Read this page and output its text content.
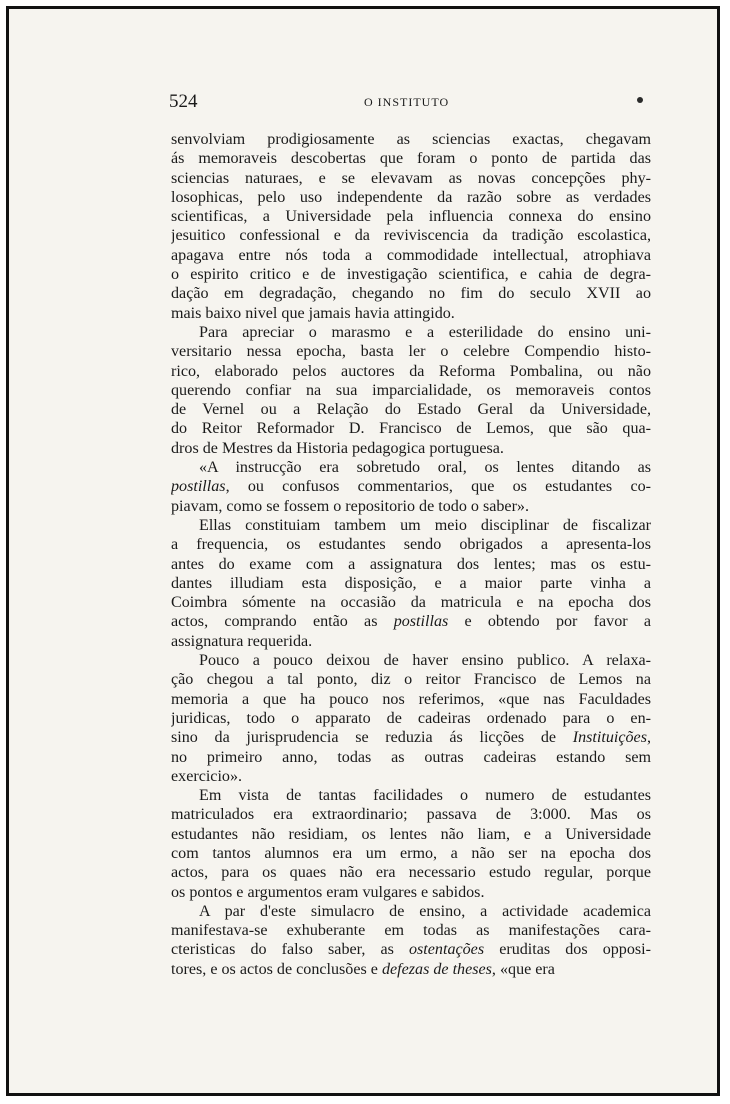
524	O INSTITUTO
senvolviam prodigiosamente as sciencias exactas, chegavam
ás memoraveis descobertas que foram o ponto de partida das
sciencias naturaes, e se elevavam as novas concepções phy-
losophicas, pelo uso independente da razão sobre as verdades
scientificas, a Universidade pela influencia connexa do ensino
jesuitico confessional e da reviviscencia da tradição escolastica,
apagava entre nós toda a commodidade intellectual, atrophiava
o espirito critico e de investigação scientifica, e cahia de degra-
dação em degradação, chegando no fim do seculo XVII ao
mais baixo nivel que jamais havia attingido.
Para apreciar o marasmo e a esterilidade do ensino uni-
versitario nessa epocha, basta ler o celebre Compendio histo-
rico, elaborado pelos auctores da Reforma Pombalina, ou não
querendo confiar na sua imparcialidade, os memoraveis contos
de Vernel ou a Relação do Estado Geral da Universidade,
do Reitor Reformador D. Francisco de Lemos, que são qua-
dros de Mestres da Historia pedagogica portuguesa.
«A instrucção era sobretudo oral, os lentes ditando as
postillas, ou confusos commentarios, que os estudantes co-
piavam, como se fossem o repositorio de todo o saber».
Ellas constituiam tambem um meio disciplinar de fiscalizar
a frequencia, os estudantes sendo obrigados a apresenta-los
antes do exame com a assignatura dos lentes; mas os estu-
dantes illudiam esta disposição, e a maior parte vinha a
Coimbra sómente na occasião da matricula e na epocha dos
actos, comprando então as postillas e obtendo por favor a
assignatura requerida.
Pouco a pouco deixou de haver ensino publico. A relaxa-
ção chegou a tal ponto, diz o reitor Francisco de Lemos na
memoria a que ha pouco nos referimos, «que nas Faculdades
juridicas, todo o apparato de cadeiras ordenado para o en-
sino da jurisprudencia se reduzia ás licções de Instituições,
no primeiro anno, todas as outras cadeiras estando sem
exercicio».
Em vista de tantas facilidades o numero de estudantes
matriculados era extraordinario; passava de 3:000. Mas os
estudantes não residiam, os lentes não liam, e a Universidade
com tantos alumnos era um ermo, a não ser na epocha dos
actos, para os quaes não era necessario estudo regular, porque
os pontos e argumentos eram vulgares e sabidos.
A par d'este simulacro de ensino, a actividade academica
manifestava-se exhuberante em todas as manifestações cara-
cteristicas do falso saber, as ostentações eruditas dos opposi-
tores, e os actos de conclusões e defezas de theses, «que era
